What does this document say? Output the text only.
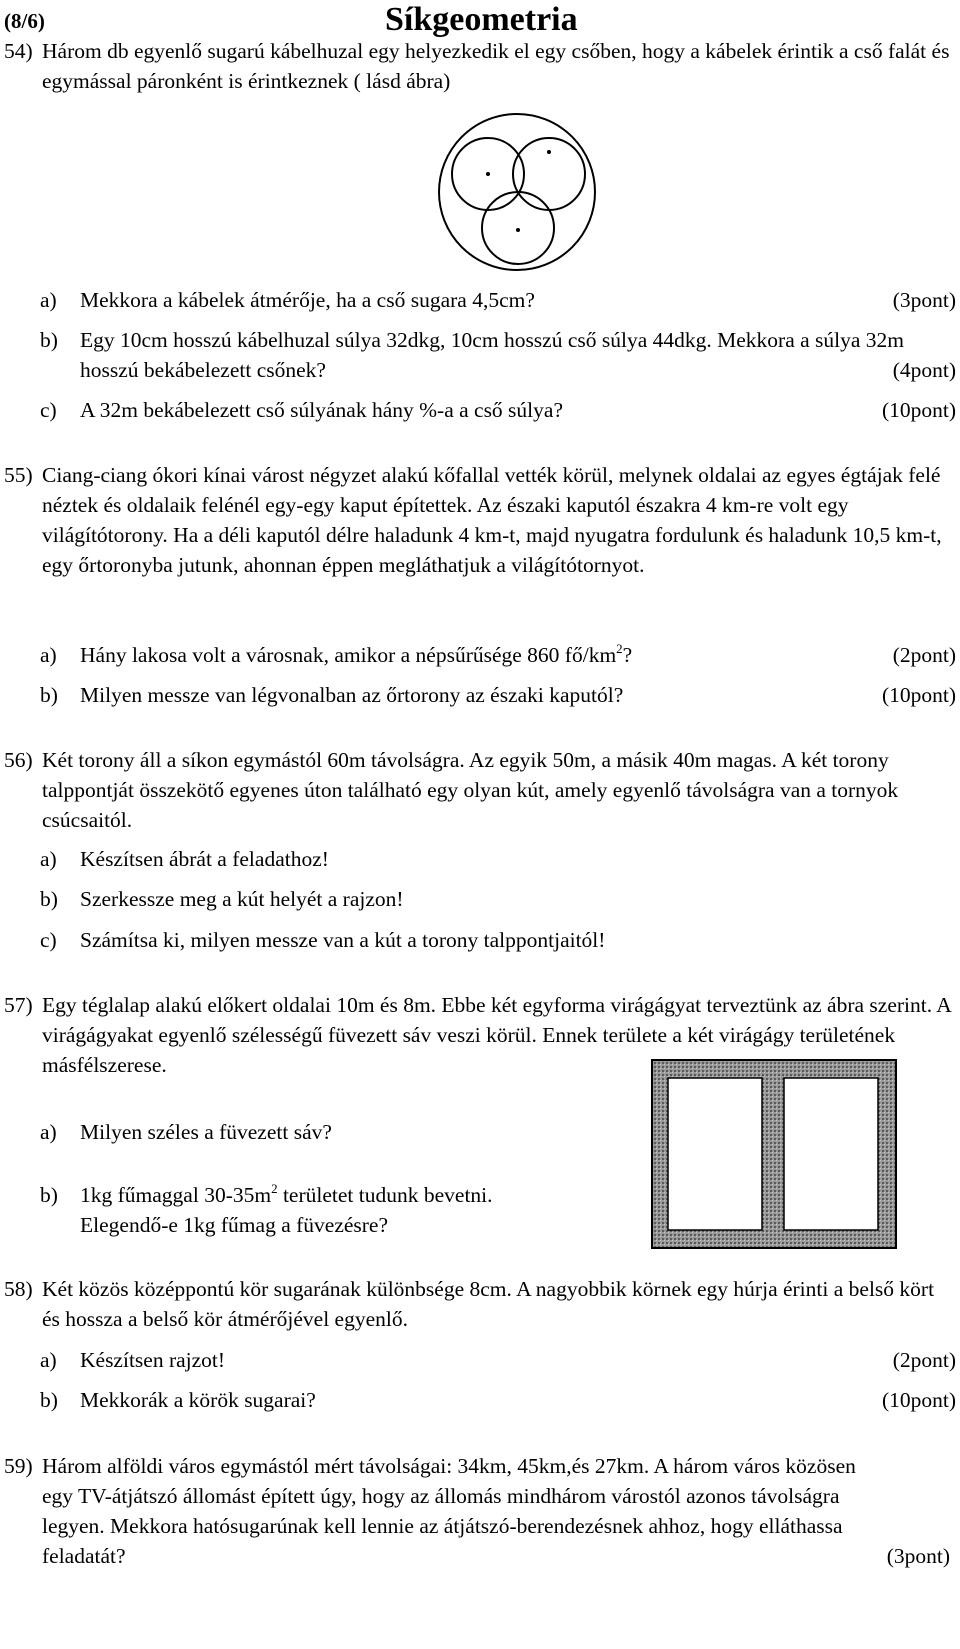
(8/6)	Síkgeometria
54) Három db egyenlő sugarú kábelhuzal egy helyezkedik el egy csőben, hogy a kábelek érintik a cső falát és egymással páronként is érintkeznek ( lásd ábra)
a) Mekkora a kábelek átmérője, ha a cső sugara 4,5cm?	(3pont)
b) Egy 10cm hosszú kábelhuzal súlya 32dkg, 10cm hosszú cső súlya 44dkg. Mekkora a súlya 32m hosszú bekábelezett csőnek?	(4pont)
c) A 32m bekábelezett cső súlyának hány %-a a cső súlya?	(10pont)
55) Ciang-ciang ókori kínai várost négyzet alakú kőfallal vették körül, melynek oldalai az egyes égtájak felé néztek és oldalaik felénél egy-egy kaput építettek. Az északi kaputól északra 4 km-re volt egy világítótorony. Ha a déli kaputól délre haladunk 4 km-t, majd nyugatra fordulunk és haladunk 10,5 km-t, egy őrtoronyba jutunk, ahonnan éppen megláthatjuk a világítótornyot.
a) Hány lakosa volt a városnak, amikor a népsűrűsége 860 $fő/km^2$?	(2pont)
b) Milyen messze van légvonalban az őrtorony az északi kaputól?	(10pont)
56) Két torony áll a síkon egymástól 60m távolságra. Az egyik 50m, a másik 40m magas. A két torony talppontját összekötő egyenes úton található egy olyan kút, amely egyenlő távolságra van a tornyok csúcsaitól.
a) Készítsen ábrát a feladathoz!
b) Szerkessze meg a kút helyét a rajzon!
c) Számítsa ki, milyen messze van a kút a torony talppontjaitól!
57) Egy téglalap alakú előkert oldalai 10m és 8m. Ebbe két egyforma virágágyat terveztünk az ábra szerint. A virágágyakat egyenlő szélességű füvezett sáv veszi körül. Ennek területe a két virágágy területének másfélszerese.
a) Milyen széles a füvezett sáv?
b) 1kg fűmaggal $30-35m^2$ területet tudunk bevetni.
Elegendő-e 1kg fűmag a füvezésre?
58) Két közös középpontú kör sugarának különbsége 8cm. A nagyobbik körnek egy húrja érinti a belső kört és hossza a belső kör átmérőjével egyenlő.
a) Készítsen rajzot!	(2pont)
b) Mekkorák a körök sugarai?	(10pont)
59) Három alföldi város egymástól mért távolságai: 34km, 45km,és 27km. A három város közösen egy TV-átjátszó állomást épített úgy, hogy az állomás mindhárom várostól azonos távolságra legyen. Mekkora hatósugarúnak kell lennie az átjátszó-berendezésnek ahhoz, hogy elláthassa feladatát?	(3pont)
